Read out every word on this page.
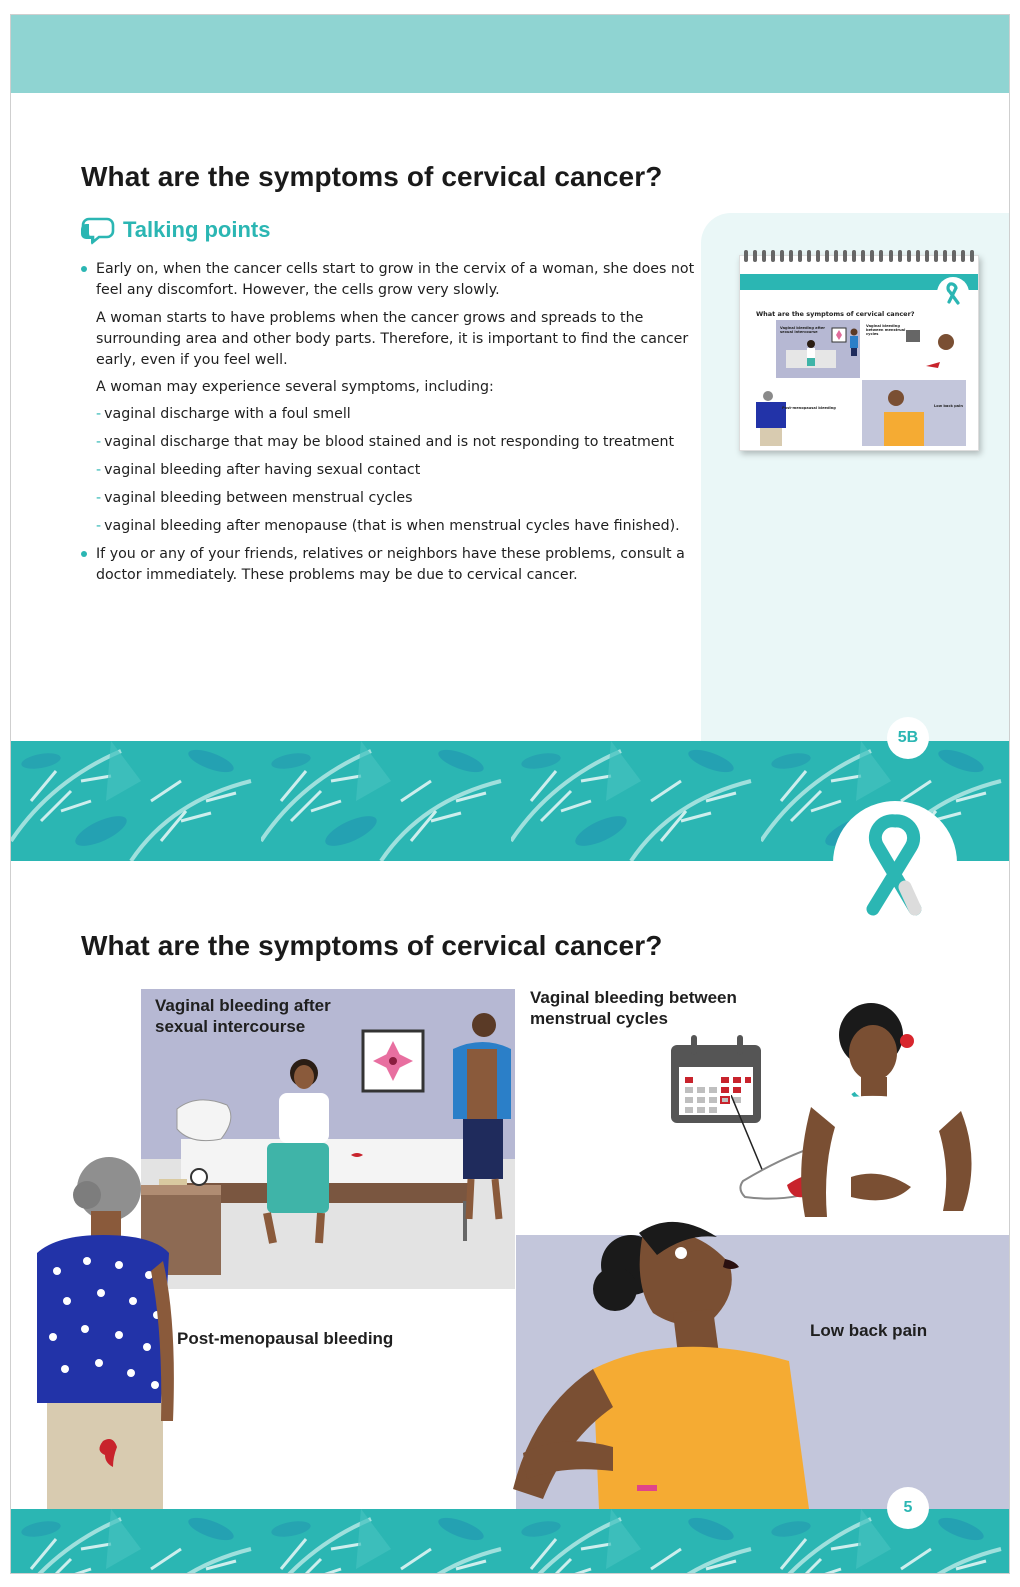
What are the symptoms of cervical cancer?
Talking points
Early on, when the cancer cells start to grow in the cervix of a woman, she does not feel any discomfort. However, the cells grow very slowly.
A woman starts to have problems when the cancer grows and spreads to the surrounding area and other body parts. Therefore, it is important to find the cancer early, even if you feel well.
A woman may experience several symptoms, including:
- vaginal discharge with a foul smell
- vaginal discharge that may be blood stained and is not responding to treatment
- vaginal bleeding after having sexual contact
- vaginal bleeding between menstrual cycles
- vaginal bleeding after menopause (that is when menstrual cycles have finished).
If you or any of your friends, relatives or neighbors have these problems, consult a doctor immediately. These problems may be due to cervical cancer.
What are the symptoms of cervical cancer?
Vaginal bleeding after sexual intercourse
Vaginal bleeding between menstrual cycles
Post-menopausal bleeding	Low back pain
5B
What are the symptoms of cervical cancer?
Vaginal bleeding after sexual intercourse
Vaginal bleeding between menstrual cycles
Post-menopausal bleeding	Low back pain
5
